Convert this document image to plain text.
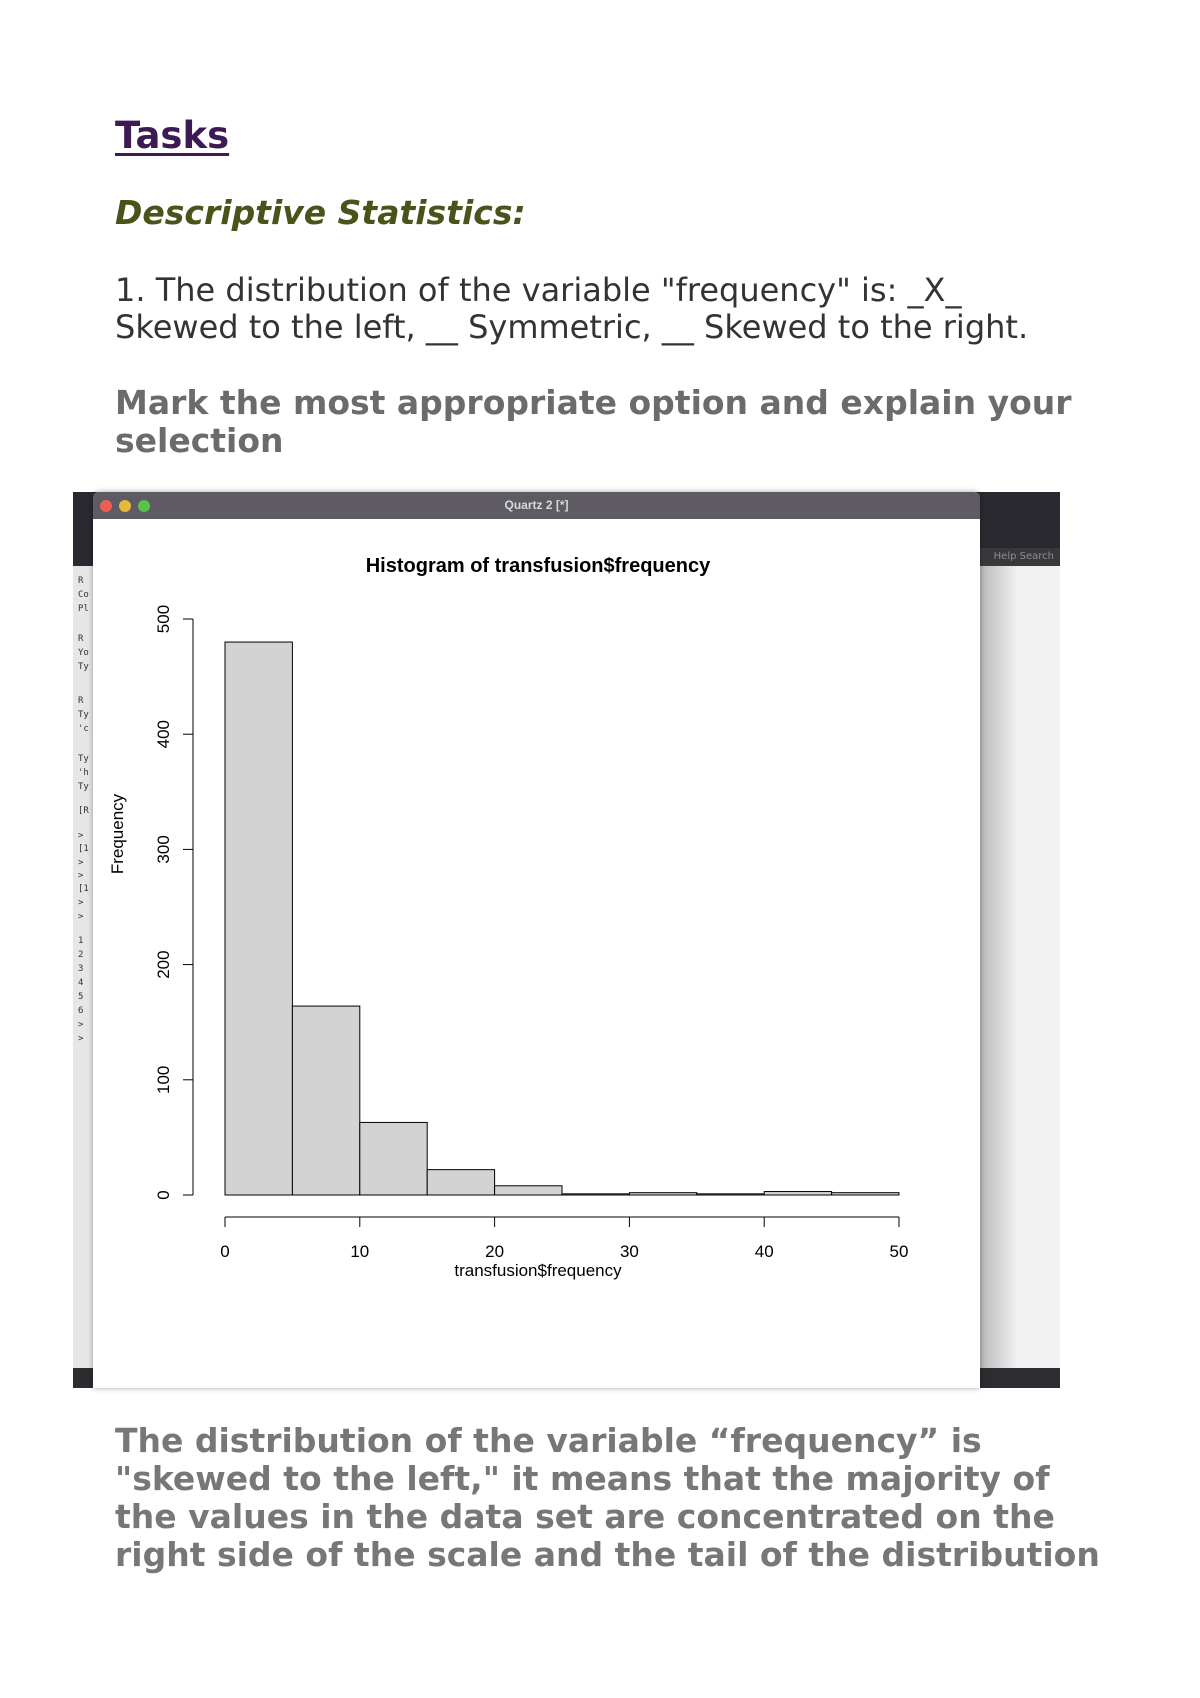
Tasks
Descriptive Statistics:
1. The distribution of the variable "frequency" is: _X_ Skewed to the left, __ Symmetric, __ Skewed to the right.
Mark the most appropriate option and explain your selection
Help Search
R
Co
Pl
R
Yo
Ty
R
Ty
'c
Ty
'h
Ty
[R
>
[1
>
>
[1
>
>
1
2
3
4
5
6
>
>
Quartz 2 [*]
Histogram of transfusion$frequency
transfusion$frequency
Frequency
0	10	20	30	40	50
0
100
200
300
400
500
The distribution of the variable “frequency” is
"skewed to the left," it means that the majority of
the values in the data set are concentrated on the
right side of the scale and the tail of the distribution
